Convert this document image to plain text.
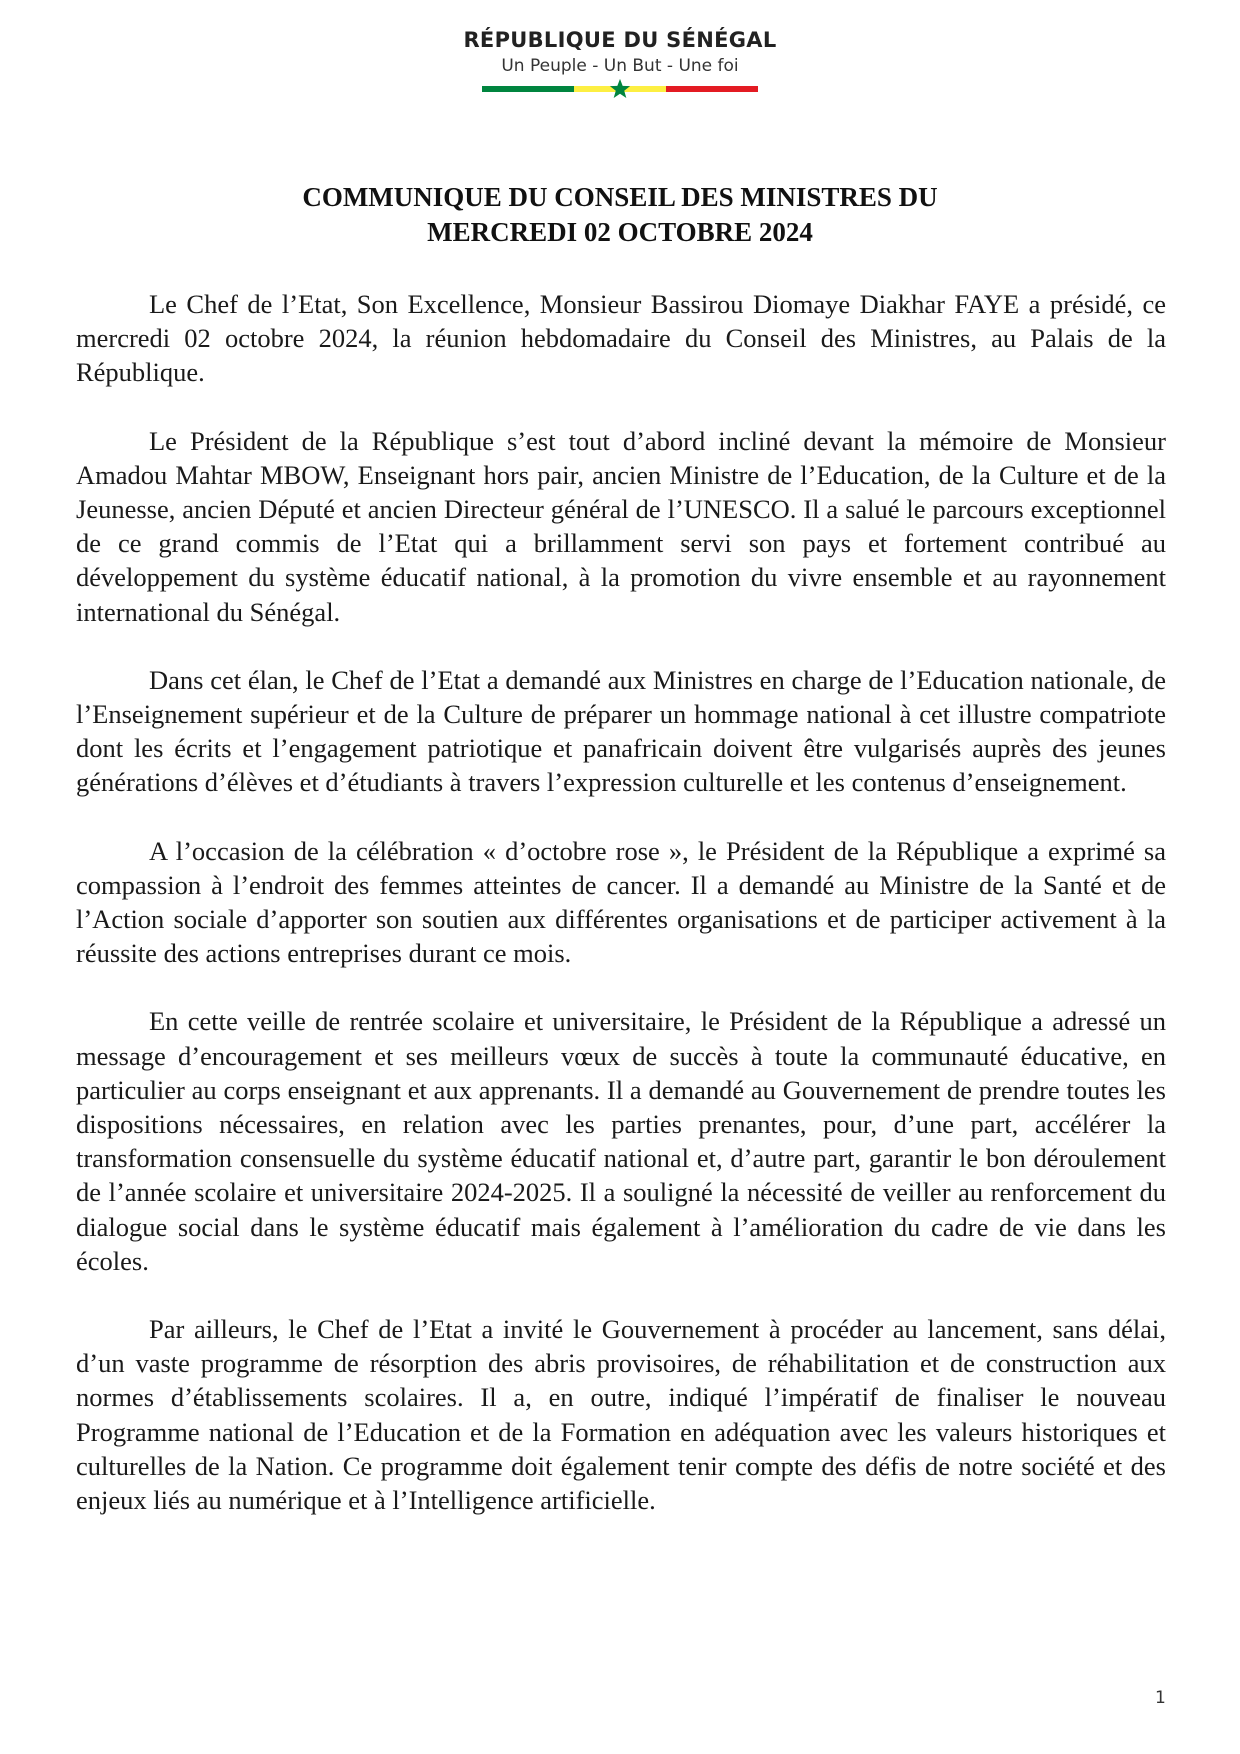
RÉPUBLIQUE DU SÉNÉGAL
Un Peuple - Un But - Une foi
COMMUNIQUE DU CONSEIL DES MINISTRES DU
MERCREDI 02 OCTOBRE 2024

Le Chef de l’Etat, Son Excellence, Monsieur Bassirou Diomaye Diakhar FAYE a présidé, ce mercredi 02 octobre 2024, la réunion hebdomadaire du Conseil des Ministres, au Palais de la République.

Le Président de la République s’est tout d’abord incliné devant la mémoire de Monsieur Amadou Mahtar MBOW, Enseignant hors pair, ancien Ministre de l’Education, de la Culture et de la Jeunesse, ancien Député et ancien Directeur général de l’UNESCO. Il a salué le parcours exceptionnel de ce grand commis de l’Etat qui a brillamment servi son pays et fortement contribué au développement du système éducatif national, à la promotion du vivre ensemble et au rayonnement international du Sénégal.

Dans cet élan, le Chef de l’Etat a demandé aux Ministres en charge de l’Education nationale, de l’Enseignement supérieur et de la Culture de préparer un hommage national à cet illustre compatriote dont les écrits et l’engagement patriotique et panafricain doivent être vulgarisés auprès des jeunes générations d’élèves et d’étudiants à travers l’expression culturelle et les contenus d’enseignement.

A l’occasion de la célébration « d’octobre rose », le Président de la République a exprimé sa compassion à l’endroit des femmes atteintes de cancer. Il a demandé au Ministre de la Santé et de l’Action sociale d’apporter son soutien aux différentes organisations et de participer activement à la réussite des actions entreprises durant ce mois.

En cette veille de rentrée scolaire et universitaire, le Président de la République a adressé un message d’encouragement et ses meilleurs vœux de succès à toute la communauté éducative, en particulier au corps enseignant et aux apprenants. Il a demandé au Gouvernement de prendre toutes les dispositions nécessaires, en relation avec les parties prenantes, pour, d’une part, accélérer la transformation consensuelle du système éducatif national et, d’autre part, garantir le bon déroulement de l’année scolaire et universitaire 2024-2025. Il a souligné la nécessité de veiller au renforcement du dialogue social dans le système éducatif mais également à l’amélioration du cadre de vie dans les écoles.

Par ailleurs, le Chef de l’Etat a invité le Gouvernement à procéder au lancement, sans délai, d’un vaste programme de résorption des abris provisoires, de réhabilitation et de construction aux normes d’établissements scolaires. Il a, en outre, indiqué l’impératif de finaliser le nouveau Programme national de l’Education et de la Formation en adéquation avec les valeurs historiques et culturelles de la Nation. Ce programme doit également tenir compte des défis de notre société et des enjeux liés au numérique et à l’Intelligence artificielle.

1
